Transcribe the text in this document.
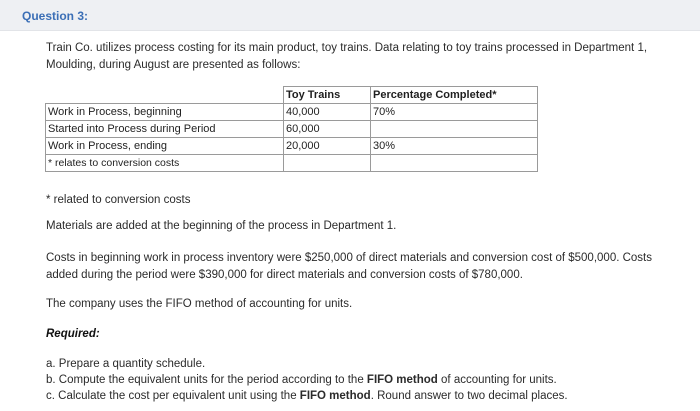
Question 3:
Train Co. utilizes process costing for its main product, toy trains. Data relating to toy trains processed in Department 1, Moulding, during August are presented as follows:
	Toy Trains	Percentage Completed*
Work in Process, beginning	40,000	70%
Started into Process during Period	60,000	
Work in Process, ending	20,000	30%
* relates to conversion costs		
* related to conversion costs
Materials are added at the beginning of the process in Department 1.
Costs in beginning work in process inventory were $250,000 of direct materials and conversion cost of $500,000. Costs added during the period were $390,000 for direct materials and conversion costs of $780,000.
The company uses the FIFO method of accounting for units.
Required:
a. Prepare a quantity schedule.
b. Compute the equivalent units for the period according to the FIFO method of accounting for units.
c. Calculate the cost per equivalent unit using the FIFO method. Round answer to two decimal places.
